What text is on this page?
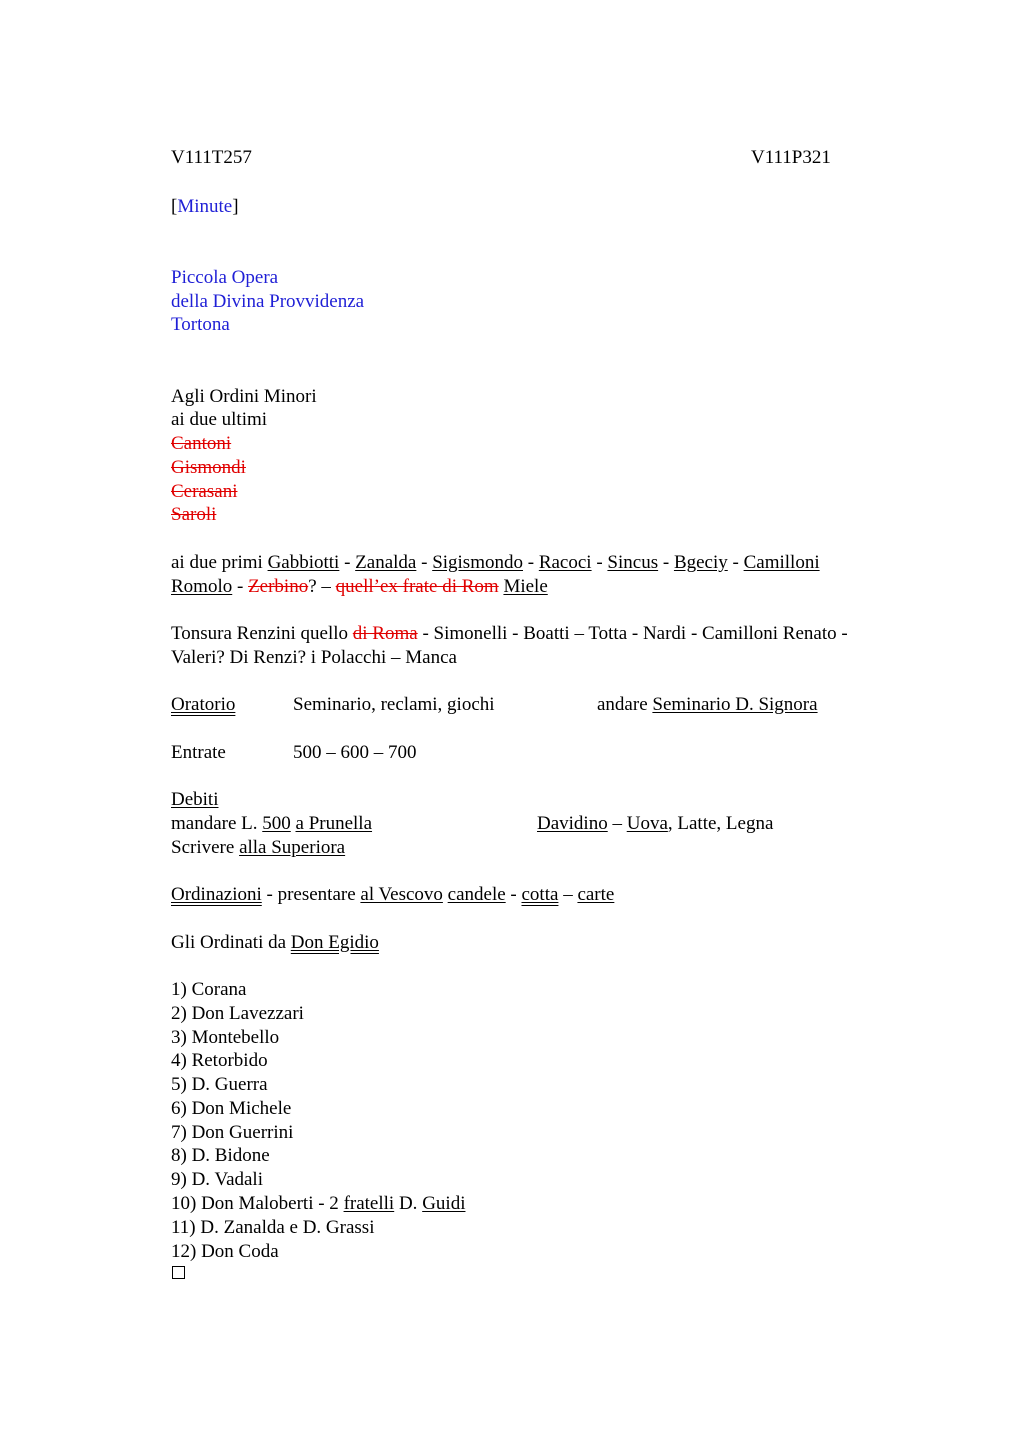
V111T257	V111P321
[Minute]
Piccola Opera
della Divina Provvidenza
Tortona
Agli Ordini Minori
ai due ultimi
Cantoni
Gismondi
Cerasani
Saroli
ai due primi Gabbiotti - Zanalda - Sigismondo - Racoci - Sincus - Bgeciy - Camilloni
Romolo - Zerbino? – quell’ex frate di Rom Miele
Tonsura Renzini quello di Roma - Simonelli - Boatti – Totta - Nardi - Camilloni Renato -
Valeri? Di Renzi? i Polacchi – Manca
Oratorio	Seminario, reclami, giochi	andare Seminario D. Signora
Entrate	500 – 600 – 700
Debiti
mandare L. 500 a Prunella	Davidino – Uova, Latte, Legna
Scrivere alla Superiora
Ordinazioni - presentare al Vescovo candele - cotta – carte
Gli Ordinati da Don Egidio
1) Corana
2) Don Lavezzari
3) Montebello
4) Retorbido
5) D. Guerra
6) Don Michele
7) Don Guerrini
8) D. Bidone
9) D. Vadali
10) Don Maloberti - 2 fratelli D. Guidi
11) D. Zanalda e D. Grassi
12) Don Coda
